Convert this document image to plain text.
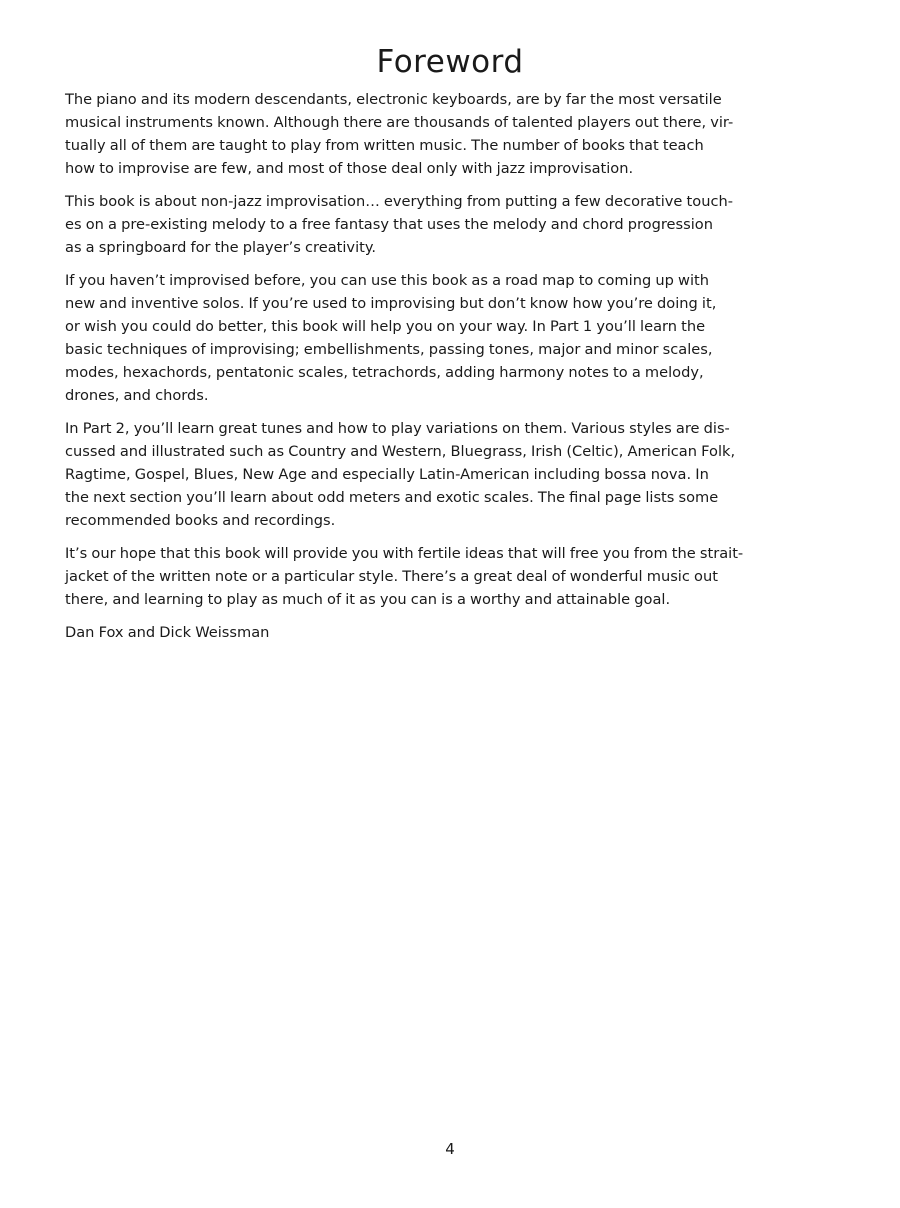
Foreword

The piano and its modern descendants, electronic keyboards, are by far the most versatile
musical instruments known. Although there are thousands of talented players out there, vir-
tually all of them are taught to play from written music. The number of books that teach
how to improvise are few, and most of those deal only with jazz improvisation.

This book is about non-jazz improvisation… everything from putting a few decorative touch-
es on a pre-existing melody to a free fantasy that uses the melody and chord progression
as a springboard for the player’s creativity.

If you haven’t improvised before, you can use this book as a road map to coming up with
new and inventive solos. If you’re used to improvising but don’t know how you’re doing it,
or wish you could do better, this book will help you on your way. In Part 1 you’ll learn the
basic techniques of improvising; embellishments, passing tones, major and minor scales,
modes, hexachords, pentatonic scales, tetrachords, adding harmony notes to a melody,
drones, and chords.

In Part 2, you’ll learn great tunes and how to play variations on them. Various styles are dis-
cussed and illustrated such as Country and Western, Bluegrass, Irish (Celtic), American Folk,
Ragtime, Gospel, Blues, New Age and especially Latin-American including bossa nova. In
the next section you’ll learn about odd meters and exotic scales. The final page lists some
recommended books and recordings.

It’s our hope that this book will provide you with fertile ideas that will free you from the strait-
jacket of the written note or a particular style. There’s a great deal of wonderful music out
there, and learning to play as much of it as you can is a worthy and attainable goal.

Dan Fox and Dick Weissman

4
